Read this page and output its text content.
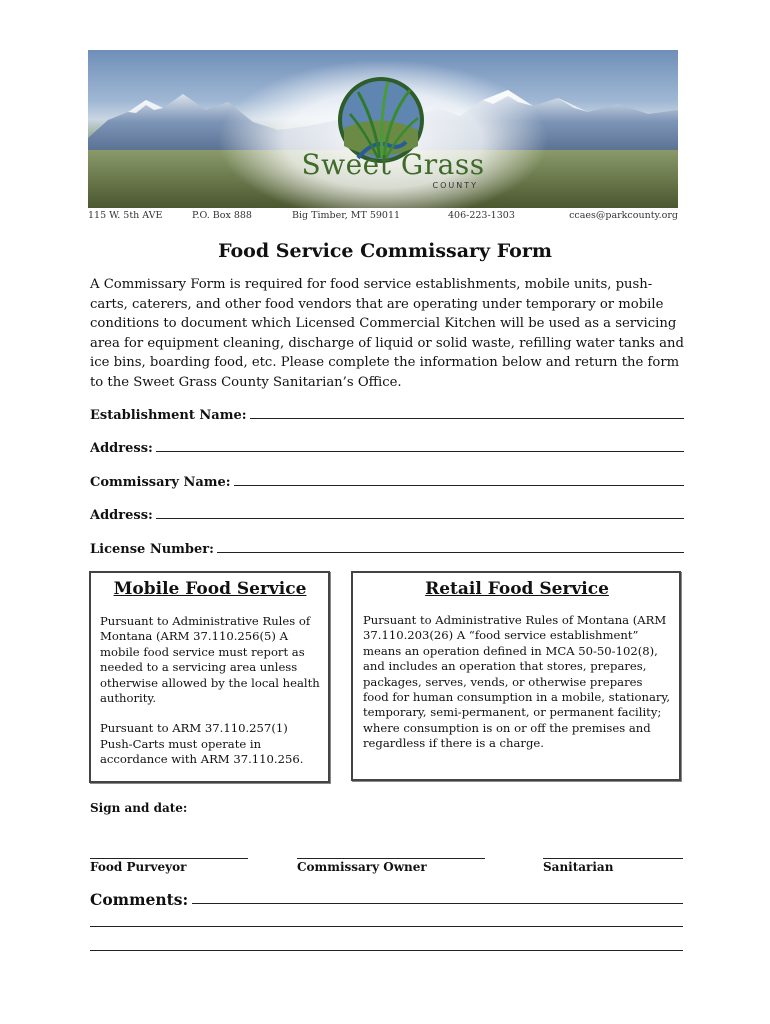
Sweet Grass
COUNTY
115 W. 5th AVE	P.O. Box 888	Big Timber, MT 59011	406-223-1303	ccaes@parkcounty.org
Food Service Commissary Form

A Commissary Form is required for food service establishments, mobile units, push-carts, caterers, and other food vendors that are operating under temporary or mobile conditions to document which Licensed Commercial Kitchen will be used as a servicing area for equipment cleaning, discharge of liquid or solid waste, refilling water tanks and ice bins, boarding food, etc. Please complete the information below and return the form to the Sweet Grass County Sanitarian’s Office.

Establishment Name:
Address:
Commissary Name:
Address:
License Number:
Mobile Food Service

Pursuant to Administrative Rules of Montana (ARM 37.110.256(5) A mobile food service must report as needed to a servicing area unless otherwise allowed by the local health authority.

Pursuant to ARM 37.110.257(1) Push-Carts must operate in accordance with ARM 37.110.256.

Retail Food Service

Pursuant to Administrative Rules of Montana (ARM 37.110.203(26) A “food service establishment” means an operation defined in MCA 50-50-102(8), and includes an operation that stores, prepares, packages, serves, vends, or otherwise prepares food for human consumption in a mobile, stationary, temporary, semi-permanent, or permanent facility; where consumption is on or off the premises and regardless if there is a charge.

Sign and date:
Food Purveyor	Commissary Owner	Sanitarian
Comments:
